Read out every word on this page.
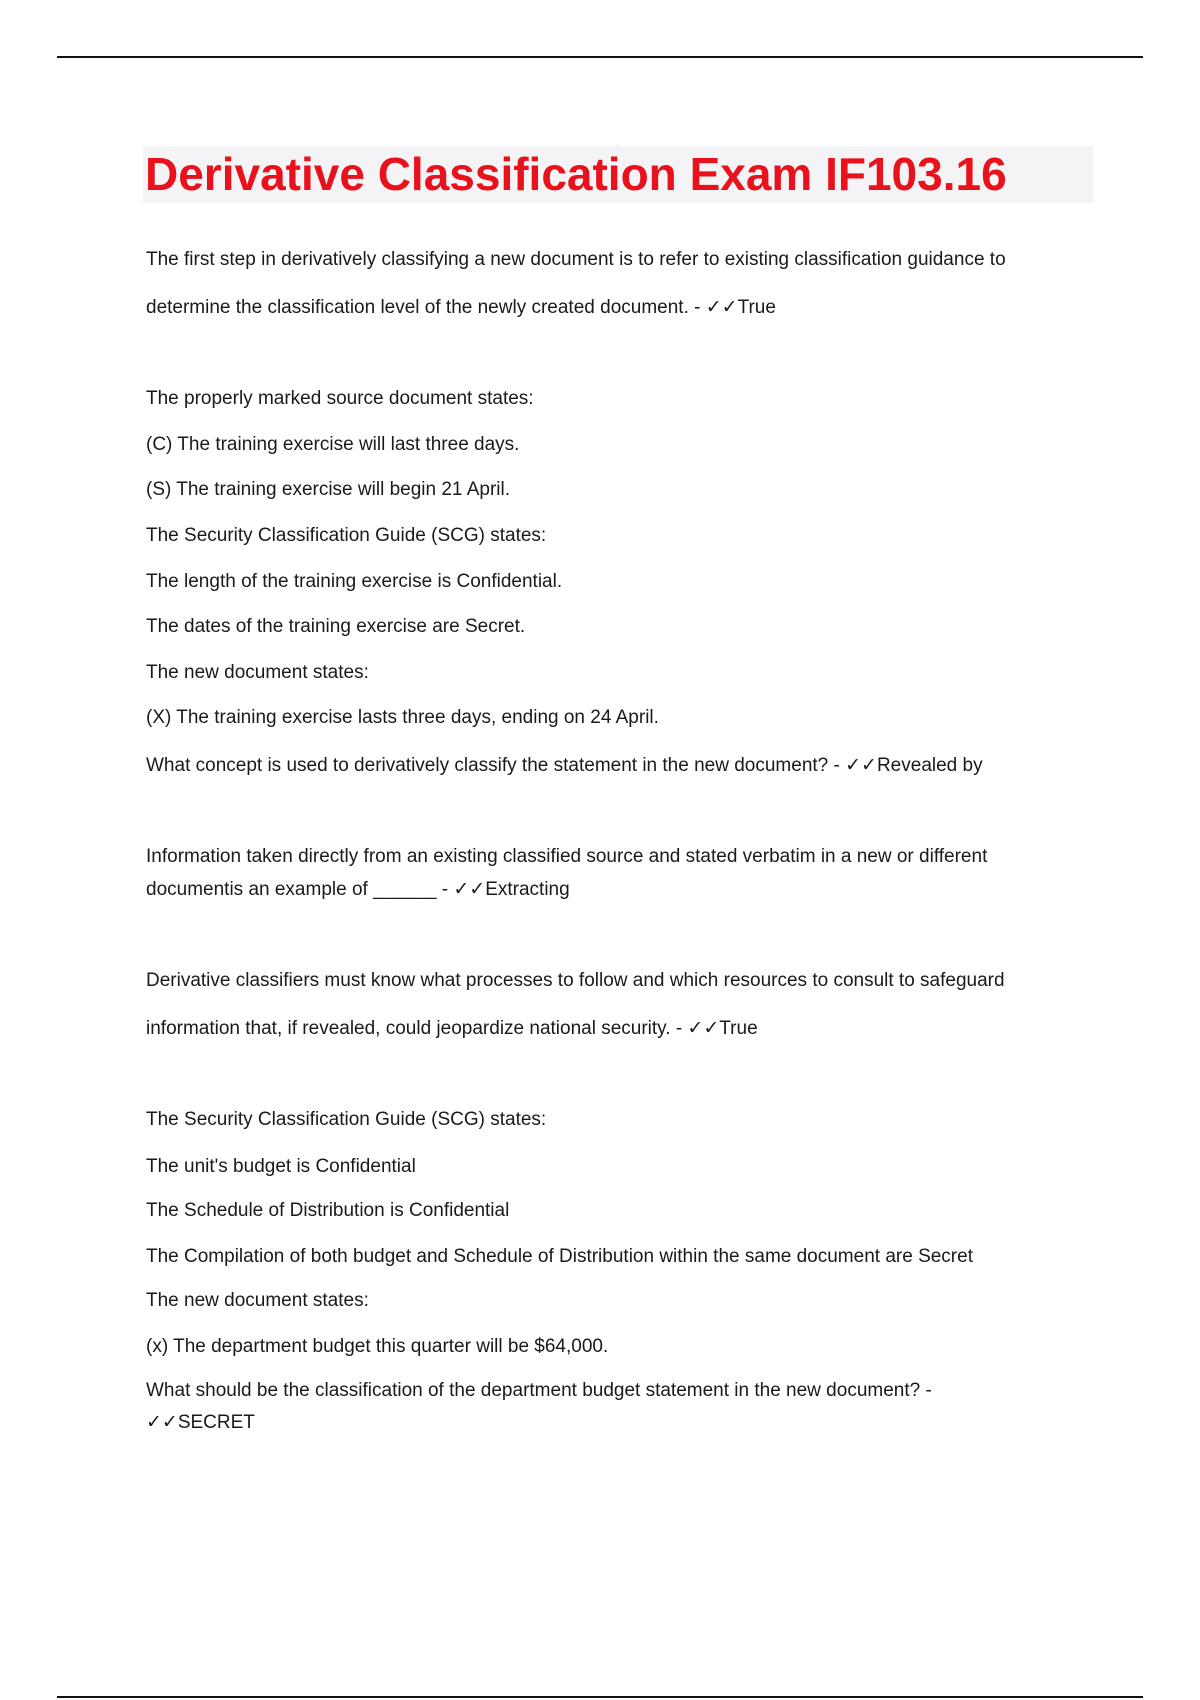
Derivative Classification Exam IF103.16
The first step in derivatively classifying a new document is to refer to existing classification guidance to
determine the classification level of the newly created document. - ✓✓True
The properly marked source document states:
(C) The training exercise will last three days.
(S) The training exercise will begin 21 April.
The Security Classification Guide (SCG) states:
The length of the training exercise is Confidential.
The dates of the training exercise are Secret.
The new document states:
(X) The training exercise lasts three days, ending on 24 April.
What concept is used to derivatively classify the statement in the new document? - ✓✓Revealed by
Information taken directly from an existing classified source and stated verbatim in a new or different
documentis an example of ______ - ✓✓Extracting
Derivative classifiers must know what processes to follow and which resources to consult to safeguard
information that, if revealed, could jeopardize national security. - ✓✓True
The Security Classification Guide (SCG) states:
The unit's budget is Confidential
The Schedule of Distribution is Confidential
The Compilation of both budget and Schedule of Distribution within the same document are Secret
The new document states:
(x) The department budget this quarter will be $64,000.
What should be the classification of the department budget statement in the new document? -
✓✓SECRET
